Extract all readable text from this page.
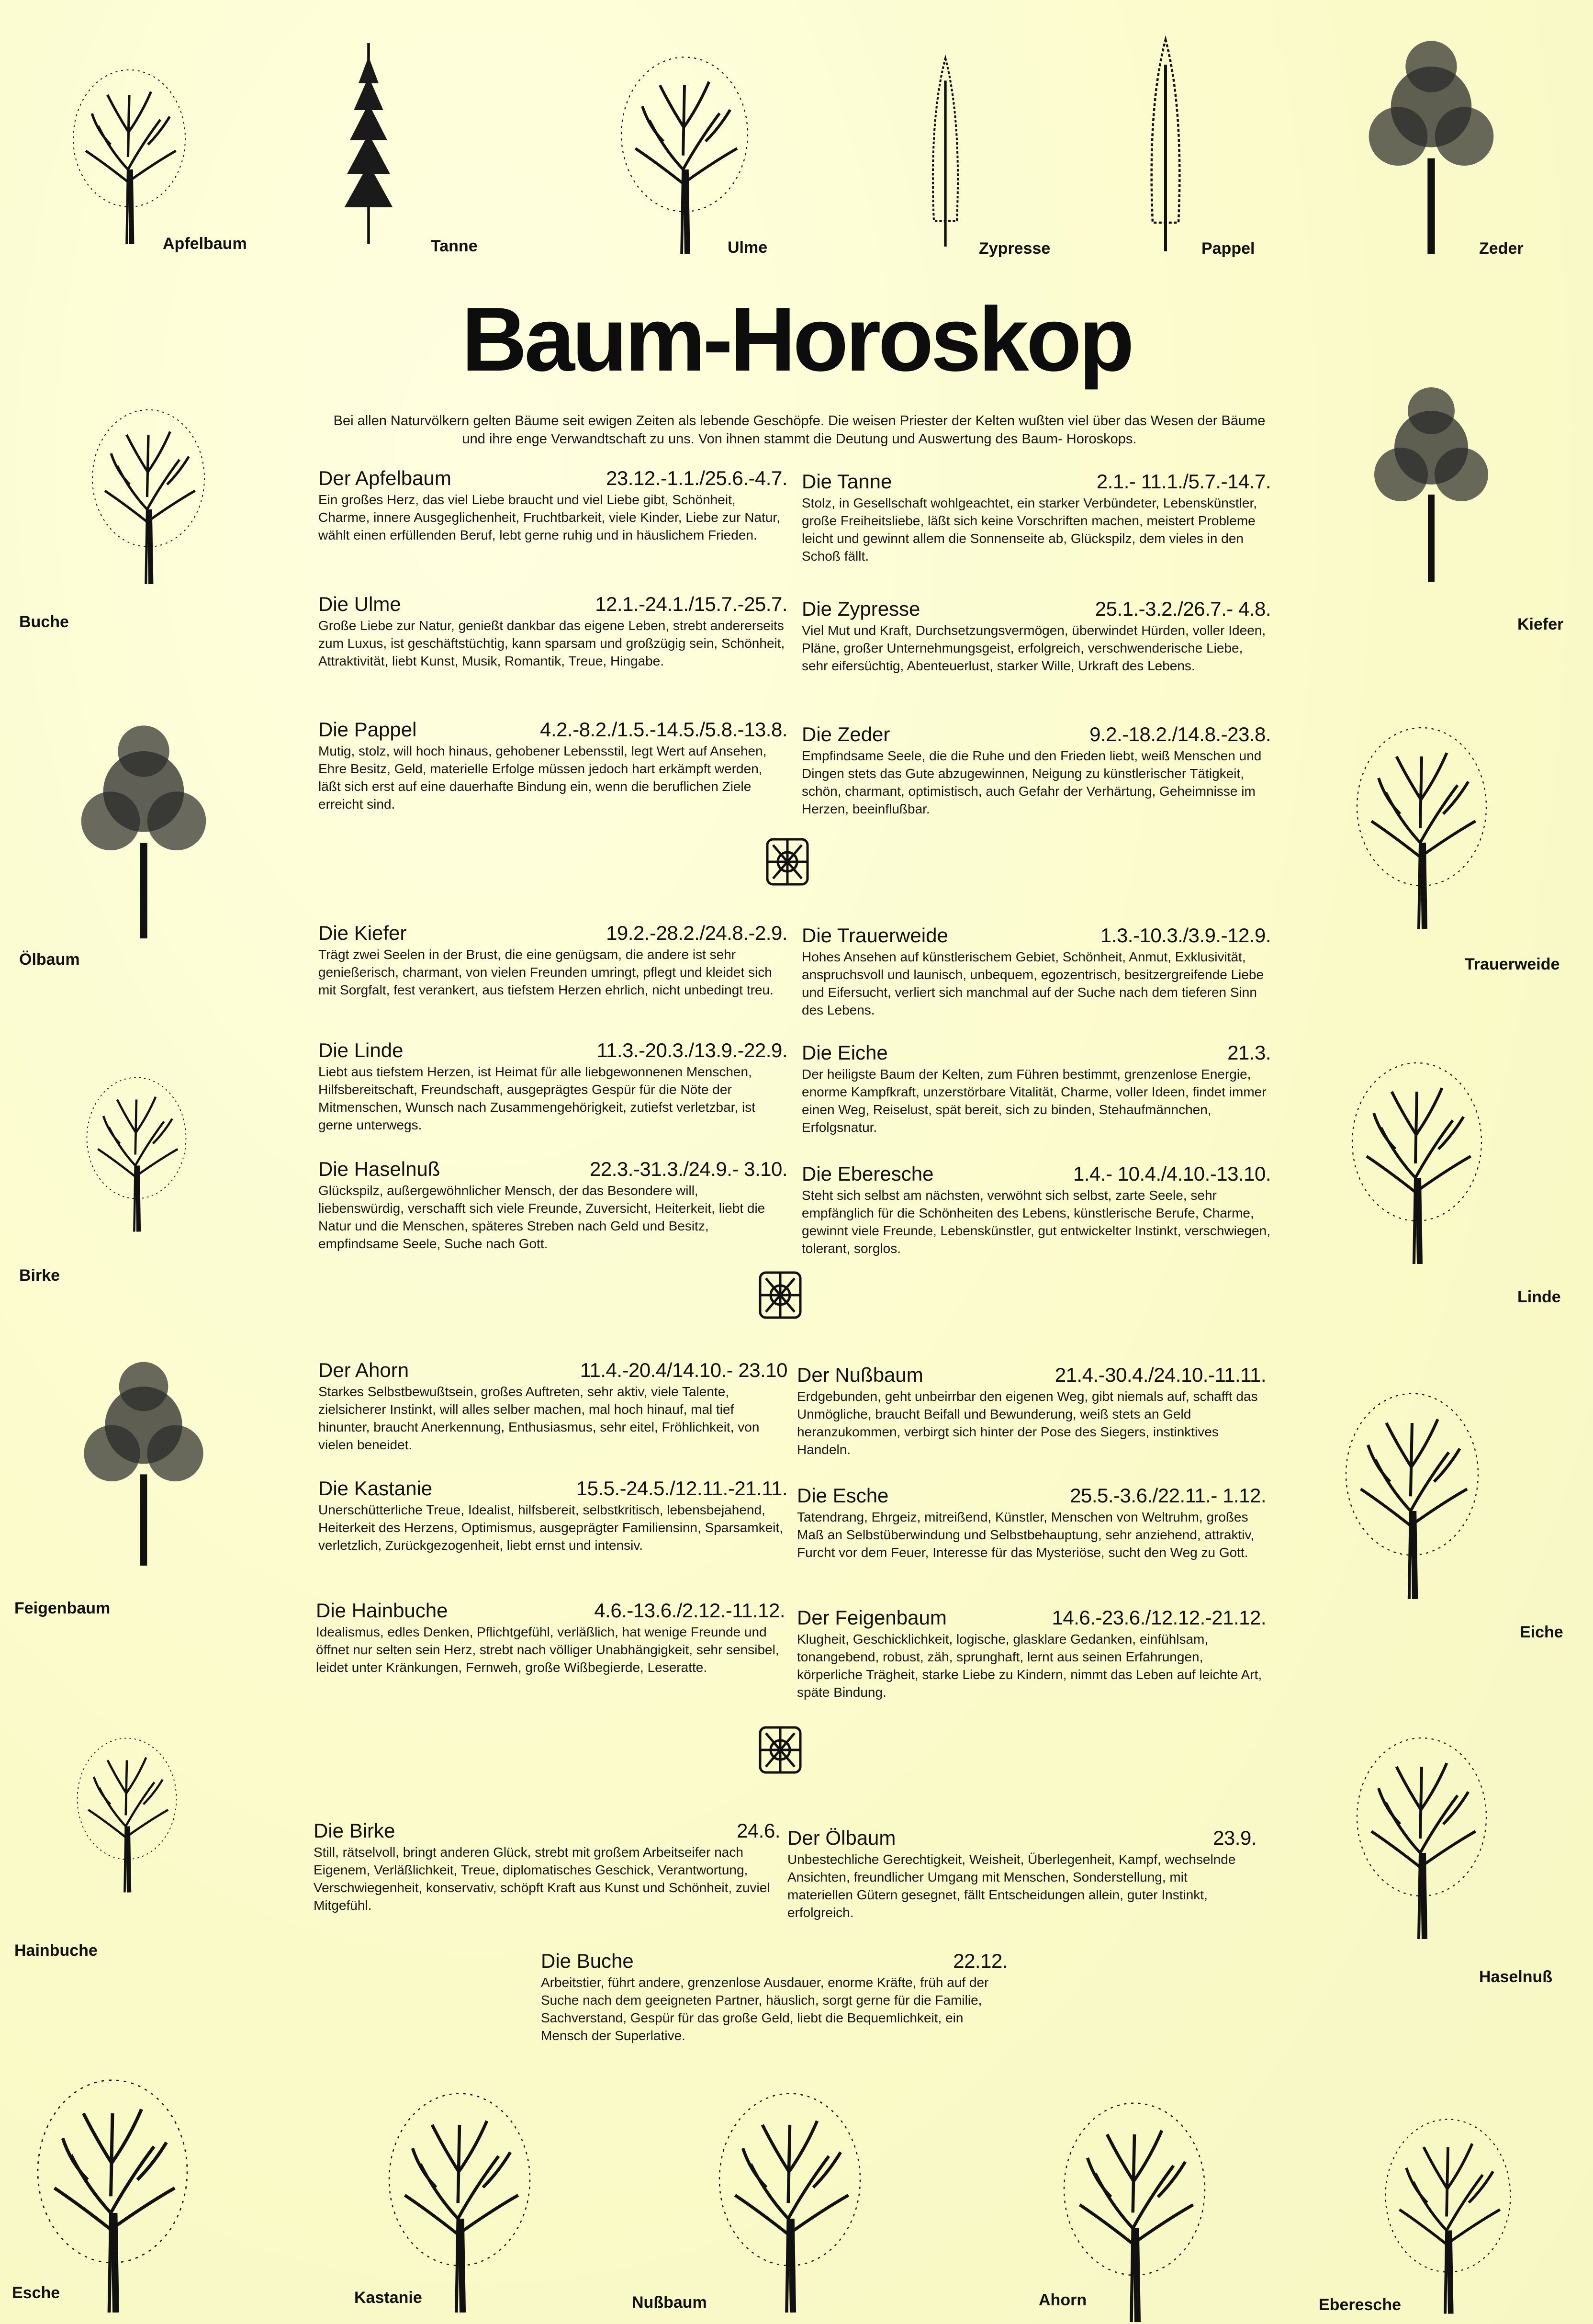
Apfelbaum	Tanne	Ulme	Zypresse	Pappel	Zeder
Baum-Horoskop
Bei allen Naturvölkern gelten Bäume seit ewigen Zeiten als lebende Geschöpfe. Die weisen Priester der Kelten wußten viel über das Wesen der Bäume und ihre enge Verwandtschaft zu uns. Von ihnen stammt die Deutung und Auswertung des Baum- Horoskops.
Buche
Ölbaum
Birke
Feigenbaum
Hainbuche
Kiefer
Trauerweide
Linde
Eiche
Haselnuß
Esche	Kastanie	Nußbaum	Ahorn	Eberesche
Der Apfelbaum	23.12.-1.1./25.6.-4.7.
Ein großes Herz, das viel Liebe braucht und viel Liebe gibt, Schönheit, Charme, innere Ausgeglichenheit, Fruchtbarkeit, viele Kinder, Liebe zur Natur, wählt einen erfüllenden Beruf, lebt gerne ruhig und in häuslichem Frieden.
Die Tanne	2.1.- 11.1./5.7.-14.7.
Stolz, in Gesellschaft wohlgeachtet, ein starker Verbündeter, Lebenskünstler, große Freiheitsliebe, läßt sich keine Vorschriften machen, meistert Probleme leicht und gewinnt allem die Sonnenseite ab, Glückspilz, dem vieles in den Schoß fällt.
Die Ulme	12.1.-24.1./15.7.-25.7.
Große Liebe zur Natur, genießt dankbar das eigene Leben, strebt andererseits zum Luxus, ist geschäftstüchtig, kann sparsam und großzügig sein, Schönheit, Attraktivität, liebt Kunst, Musik, Romantik, Treue, Hingabe.
Die Zypresse	25.1.-3.2./26.7.- 4.8.
Viel Mut und Kraft, Durchsetzungsvermögen, überwindet Hürden, voller Ideen, Pläne, großer Unternehmungsgeist, erfolgreich, verschwenderische Liebe, sehr eifersüchtig, Abenteuerlust, starker Wille, Urkraft des Lebens.
Die Pappel	4.2.-8.2./1.5.-14.5./5.8.-13.8.
Mutig, stolz, will hoch hinaus, gehobener Lebensstil, legt Wert auf Ansehen, Ehre Besitz, Geld, materielle Erfolge müssen jedoch hart erkämpft werden, läßt sich erst auf eine dauerhafte Bindung ein, wenn die beruflichen Ziele erreicht sind.
Die Zeder	9.2.-18.2./14.8.-23.8.
Empfindsame Seele, die die Ruhe und den Frieden liebt, weiß Menschen und Dingen stets das Gute abzugewinnen, Neigung zu künstlerischer Tätigkeit, schön, charmant, optimistisch, auch Gefahr der Verhärtung, Geheimnisse im Herzen, beeinflußbar.
Die Kiefer	19.2.-28.2./24.8.-2.9.
Trägt zwei Seelen in der Brust, die eine genügsam, die andere ist sehr genießerisch, charmant, von vielen Freunden umringt, pflegt und kleidet sich mit Sorgfalt, fest verankert, aus tiefstem Herzen ehrlich, nicht unbedingt treu.
Die Trauerweide	1.3.-10.3./3.9.-12.9.
Hohes Ansehen auf künstlerischem Gebiet, Schönheit, Anmut, Exklusivität, anspruchsvoll und launisch, unbequem, egozentrisch, besitzergreifende Liebe und Eifersucht, verliert sich manchmal auf der Suche nach dem tieferen Sinn des Lebens.
Die Linde	11.3.-20.3./13.9.-22.9.
Liebt aus tiefstem Herzen, ist Heimat für alle liebgewonnenen Menschen, Hilfsbereitschaft, Freundschaft, ausgeprägtes Gespür für die Nöte der Mitmenschen, Wunsch nach Zusammengehörigkeit, zutiefst verletzbar, ist gerne unterwegs.
Die Eiche	21.3.
Der heiligste Baum der Kelten, zum Führen bestimmt, grenzenlose Energie, enorme Kampfkraft, unzerstörbare Vitalität, Charme, voller Ideen, findet immer einen Weg, Reiselust, spät bereit, sich zu binden, Stehaufmännchen, Erfolgsnatur.
Die Haselnuß	22.3.-31.3./24.9.- 3.10.
Glückspilz, außergewöhnlicher Mensch, der das Besondere will, liebenswürdig, verschafft sich viele Freunde, Zuversicht, Heiterkeit, liebt die Natur und die Menschen, späteres Streben nach Geld und Besitz, empfindsame Seele, Suche nach Gott.
Die Eberesche	1.4.- 10.4./4.10.-13.10.
Steht sich selbst am nächsten, verwöhnt sich selbst, zarte Seele, sehr empfänglich für die Schönheiten des Lebens, künstlerische Berufe, Charme, gewinnt viele Freunde, Lebenskünstler, gut entwickelter Instinkt, verschwiegen, tolerant, sorglos.
Der Ahorn	11.4.-20.4/14.10.- 23.10
Starkes Selbstbewußtsein, großes Auftreten, sehr aktiv, viele Talente, zielsicherer Instinkt, will alles selber machen, mal hoch hinauf, mal tief hinunter, braucht Anerkennung, Enthusiasmus, sehr eitel, Fröhlichkeit, von vielen beneidet.
Der Nußbaum	21.4.-30.4./24.10.-11.11.
Erdgebunden, geht unbeirrbar den eigenen Weg, gibt niemals auf, schafft das Unmögliche, braucht Beifall und Bewunderung, weiß stets an Geld heranzukommen, verbirgt sich hinter der Pose des Siegers, instinktives Handeln.
Die Kastanie	15.5.-24.5./12.11.-21.11.
Unerschütterliche Treue, Idealist, hilfsbereit, selbstkritisch, lebensbejahend, Heiterkeit des Herzens, Optimismus, ausgeprägter Familiensinn, Sparsamkeit, verletzlich, Zurückgezogenheit, liebt ernst und intensiv.
Die Esche	25.5.-3.6./22.11.- 1.12.
Tatendrang, Ehrgeiz, mitreißend, Künstler, Menschen von Weltruhm, großes Maß an Selbstüberwindung und Selbstbehauptung, sehr anziehend, attraktiv, Furcht vor dem Feuer, Interesse für das Mysteriöse, sucht den Weg zu Gott.
Die Hainbuche	4.6.-13.6./2.12.-11.12.
Idealismus, edles Denken, Pflichtgefühl, verläßlich, hat wenige Freunde und öffnet nur selten sein Herz, strebt nach völliger Unabhängigkeit, sehr sensibel, leidet unter Kränkungen, Fernweh, große Wißbegierde, Leseratte.
Der Feigenbaum	14.6.-23.6./12.12.-21.12.
Klugheit, Geschicklichkeit, logische, glasklare Gedanken, einfühlsam, tonangebend, robust, zäh, sprunghaft, lernt aus seinen Erfahrungen, körperliche Trägheit, starke Liebe zu Kindern, nimmt das Leben auf leichte Art, späte Bindung.
Die Birke	24.6.
Still, rätselvoll, bringt anderen Glück, strebt mit großem Arbeitseifer nach Eigenem, Verläßlichkeit, Treue, diplomatisches Geschick, Verantwortung, Verschwiegenheit, konservativ, schöpft Kraft aus Kunst und Schönheit, zuviel Mitgefühl.
Der Ölbaum	23.9.
Unbestechliche Gerechtigkeit, Weisheit, Überlegenheit, Kampf, wechselnde Ansichten, freundlicher Umgang mit Menschen, Sonderstellung, mit materiellen Gütern gesegnet, fällt Entscheidungen allein, guter Instinkt, erfolgreich.
Die Buche	22.12.
Arbeitstier, führt andere, grenzenlose Ausdauer, enorme Kräfte, früh auf der Suche nach dem geeigneten Partner, häuslich, sorgt gerne für die Familie, Sachverstand, Gespür für das große Geld, liebt die Bequemlichkeit, ein Mensch der Superlative.
